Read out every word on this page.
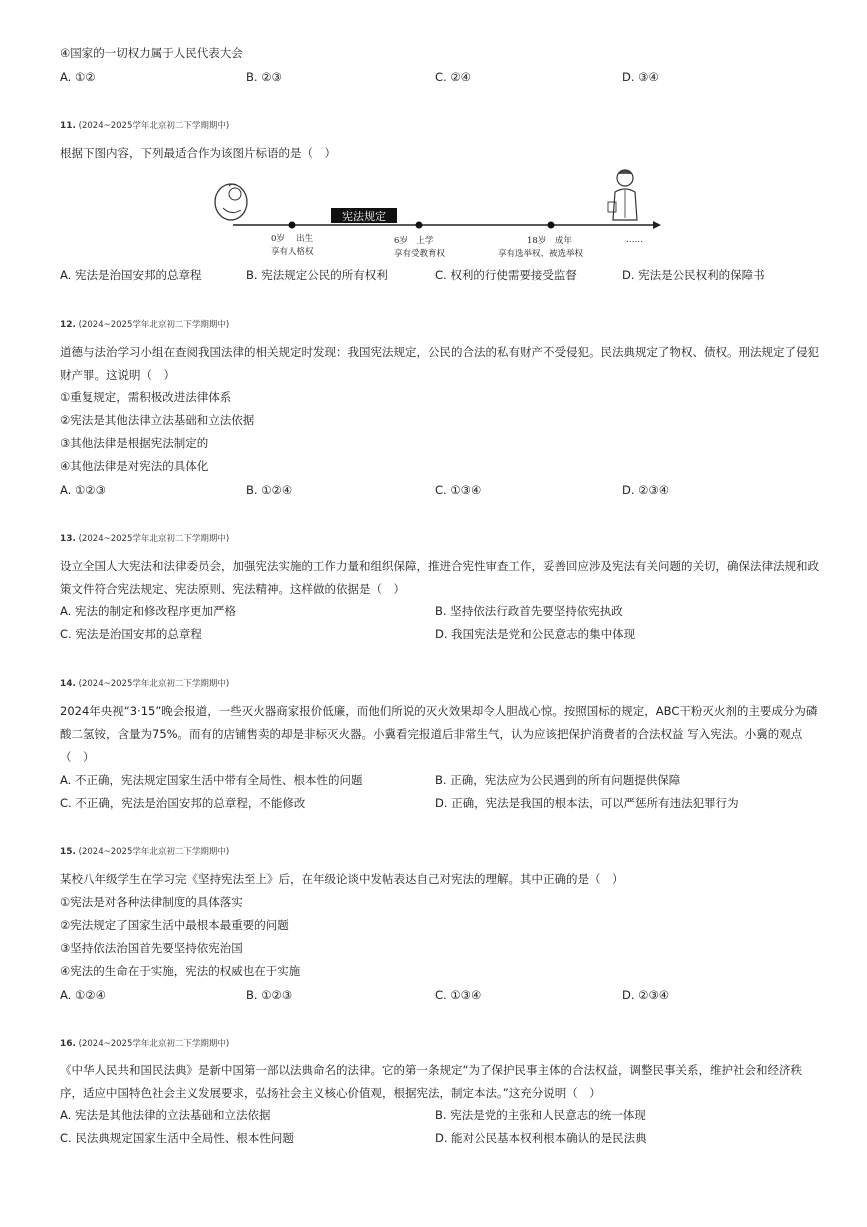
④国家的一切权力属于人民代表大会
A. ①②	B. ②③	C. ②④	D. ③④
11. (2024~2025学年北京初二下学期期中)
根据下图内容，下列最适合作为该图片标语的是（　）
宪法规定
0岁　 出生
享有人格权
6岁　上学
享有受教育权
18岁　成年
享有选举权、被选举权
……
A. 宪法是治国安邦的总章程	B. 宪法规定公民的所有权利	C. 权利的行使需要接受监督	D. 宪法是公民权利的保障书
12. (2024~2025学年北京初二下学期期中)
道德与法治学习小组在查阅我国法律的相关规定时发现：我国宪法规定，公民的合法的私有财产不受侵犯。民法典规定了物权、债权。刑法规定了侵犯财产罪。这说明（　）
①重复规定，需积极改进法律体系
②宪法是其他法律立法基础和立法依据
③其他法律是根据宪法制定的
④其他法律是对宪法的具体化
A. ①②③	B. ①②④	C. ①③④	D. ②③④
13. (2024~2025学年北京初二下学期期中)
设立全国人大宪法和法律委员会，加强宪法实施的工作力量和组织保障，推进合宪性审查工作，妥善回应涉及宪法有关问题的关切，确保法律法规和政策文件符合宪法规定、宪法原则、宪法精神。这样做的依据是（　）
A. 宪法的制定和修改程序更加严格	B. 坚持依法行政首先要坚持依宪执政
C. 宪法是治国安邦的总章程	D. 我国宪法是党和公民意志的集中体现
14. (2024~2025学年北京初二下学期期中)
2024年央视“3·15”晚会报道，一些灭火器商家报价低廉，而他们所说的灭火效果却令人胆战心惊。按照国标的规定，ABC干粉灭火剂的主要成分为磷酸二氢铵，含量为75%。而有的店铺售卖的却是非标灭火器。小冀看完报道后非常生气，认为应该把保护消费者的合法权益 写入宪法。小冀的观点（　）
A. 不正确，宪法规定国家生活中带有全局性、根本性的问题	B. 正确，宪法应为公民遇到的所有问题提供保障
C. 不正确，宪法是治国安邦的总章程，不能修改	D. 正确，宪法是我国的根本法，可以严惩所有违法犯罪行为
15. (2024~2025学年北京初二下学期期中)
某校八年级学生在学习完《坚持宪法至上》后，在年级论谈中发帖表达自己对宪法的理解。其中正确的是（　）
①宪法是对各种法律制度的具体落实
②宪法规定了国家生活中最根本最重要的问题
③坚持依法治国首先要坚持依宪治国
④宪法的生命在于实施，宪法的权威也在于实施
A. ①②④	B. ①②③	C. ①③④	D. ②③④
16. (2024~2025学年北京初二下学期期中)
《中华人民共和国民法典》是新中国第一部以法典命名的法律。它的第一条规定“为了保护民事主体的合法权益，调整民事关系，维护社会和经济秩序，适应中国特色社会主义发展要求，弘扬社会主义核心价值观，根据宪法，制定本法。”这充分说明（　）
A. 宪法是其他法律的立法基础和立法依据	B. 宪法是党的主张和人民意志的统一体现
C. 民法典规定国家生活中全局性、根本性问题	D. 能对公民基本权利根本确认的是民法典
